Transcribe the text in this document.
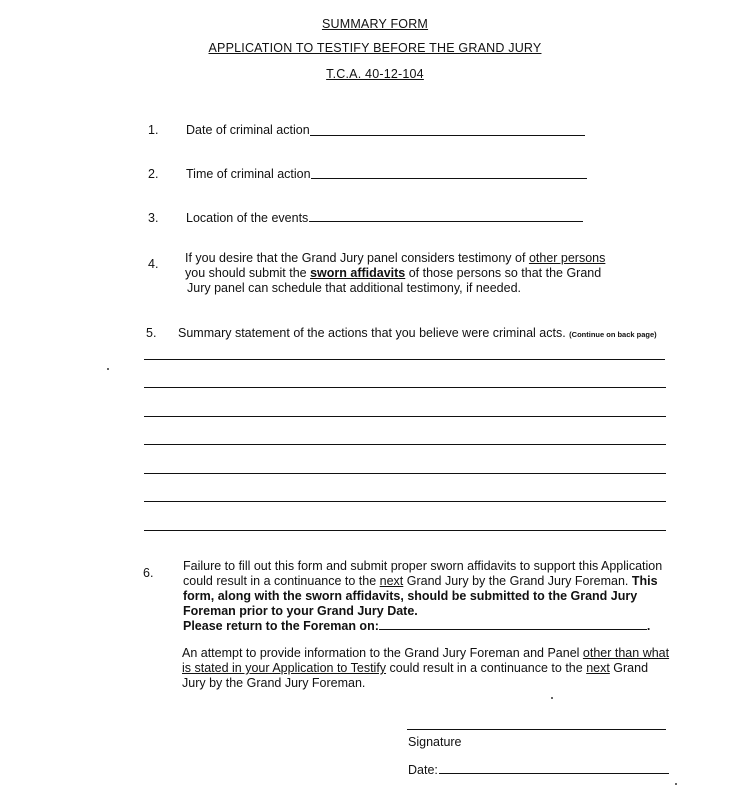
SUMMARY FORM
APPLICATION TO TESTIFY BEFORE THE GRAND JURY
T.C.A. 40-12-104
1. Date of criminal action
2. Time of criminal action
3. Location of the events
4. If you desire that the Grand Jury panel considers testimony of other persons
you should submit the sworn affidavits of those persons so that the Grand
Jury panel can schedule that additional testimony, if needed.
5. Summary statement of the actions that you believe were criminal acts. (Continue on back page)
6. Failure to fill out this form and submit proper sworn affidavits to support this Application
could result in a continuance to the next Grand Jury by the Grand Jury Foreman. This
form, along with the sworn affidavits, should be submitted to the Grand Jury
Foreman prior to your Grand Jury Date.
Please return to the Foreman on:	.
An attempt to provide information to the Grand Jury Foreman and Panel other than what
is stated in your Application to Testify could result in a continuance to the next Grand
Jury by the Grand Jury Foreman.
Signature
Date:
